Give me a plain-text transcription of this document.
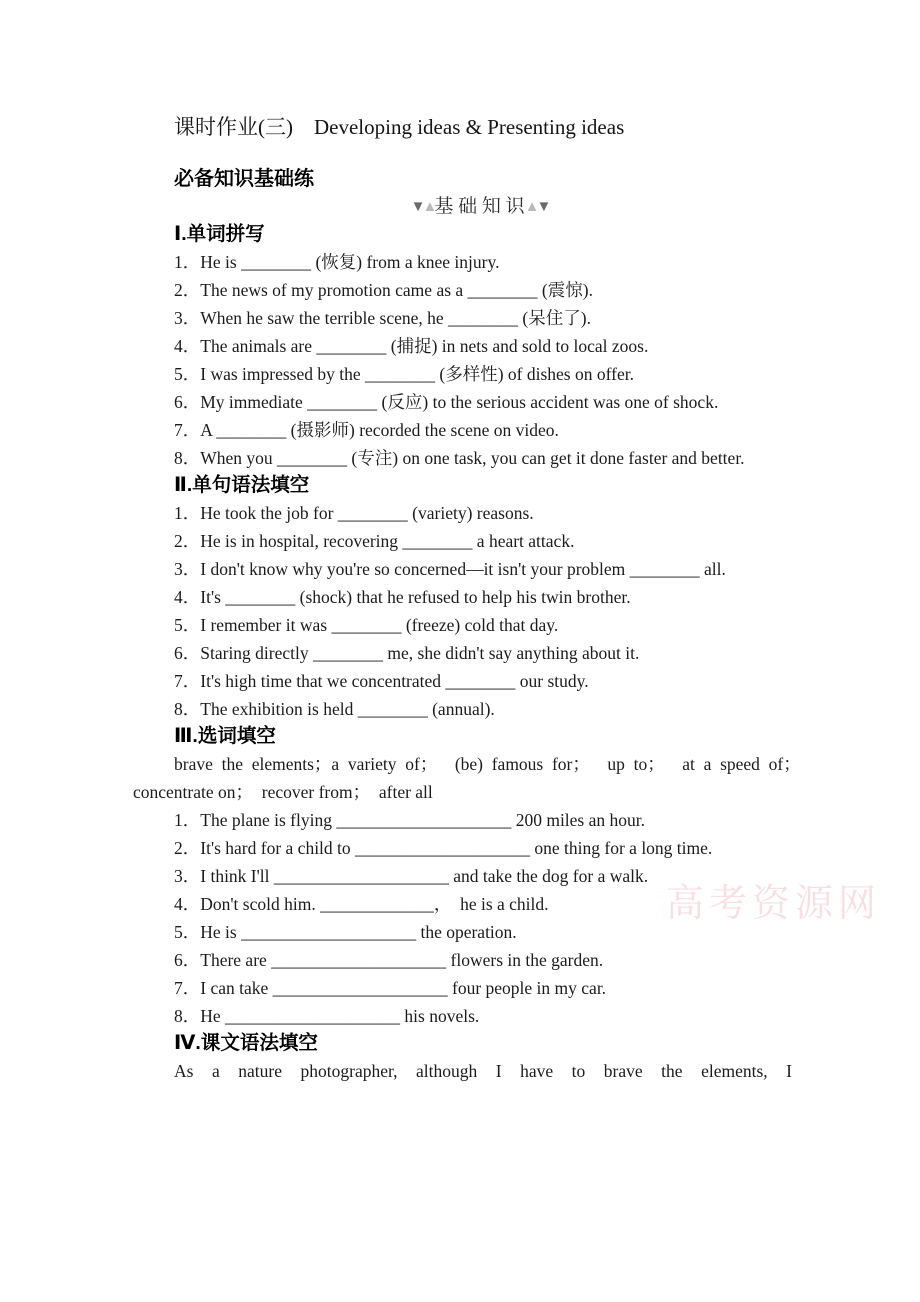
课时作业(三)　Developing ideas & Presenting ideas

必备知识基础练

▼▲基 础 知 识▲▼

Ⅰ.单词拼写

1．He is ________ (恢复) from a knee injury.

2．The news of my promotion came as a ________ (震惊).

3．When he saw the terrible scene, he ________ (呆住了).

4．The animals are ________ (捕捉) in nets and sold to local zoos.

5．I was impressed by the ________ (多样性) of dishes on offer.

6．My immediate ________ (反应) to the serious accident was one of shock.

7．A ________ (摄影师) recorded the scene on video.

8．When you ________ (专注) on one task, you can get it done faster and better.

Ⅱ.单句语法填空

1．He took the job for ________ (variety) reasons.

2．He is in hospital, recovering ________ a heart attack.

3．I don't know why you're so concerned—it isn't your problem ________ all.

4．It's ________ (shock) that he refused to help his twin brother.

5．I remember it was ________ (freeze) cold that day.

6．Staring directly ________ me, she didn't say anything about it.

7．It's high time that we concentrated ________ our study.

8．The exhibition is held ________ (annual).

Ⅲ.选词填空

brave the elements；a variety of；　(be) famous for；　up to；　at a speed of；　concentrate on；　recover from；　after all

1．The plane is flying ____________________ 200 miles an hour.

2．It's hard for a child to ____________________ one thing for a long time.

3．I think I'll ____________________ and take the dog for a walk.

4．Don't scold him. _____________，　he is a child.

5．He is ____________________ the operation.

6．There are ____________________ flowers in the garden.

7．I can take ____________________ four people in my car.

8．He ____________________ his novels.

Ⅳ.课文语法填空

As a nature photographer, although I have to brave the elements, I

高考资源网
